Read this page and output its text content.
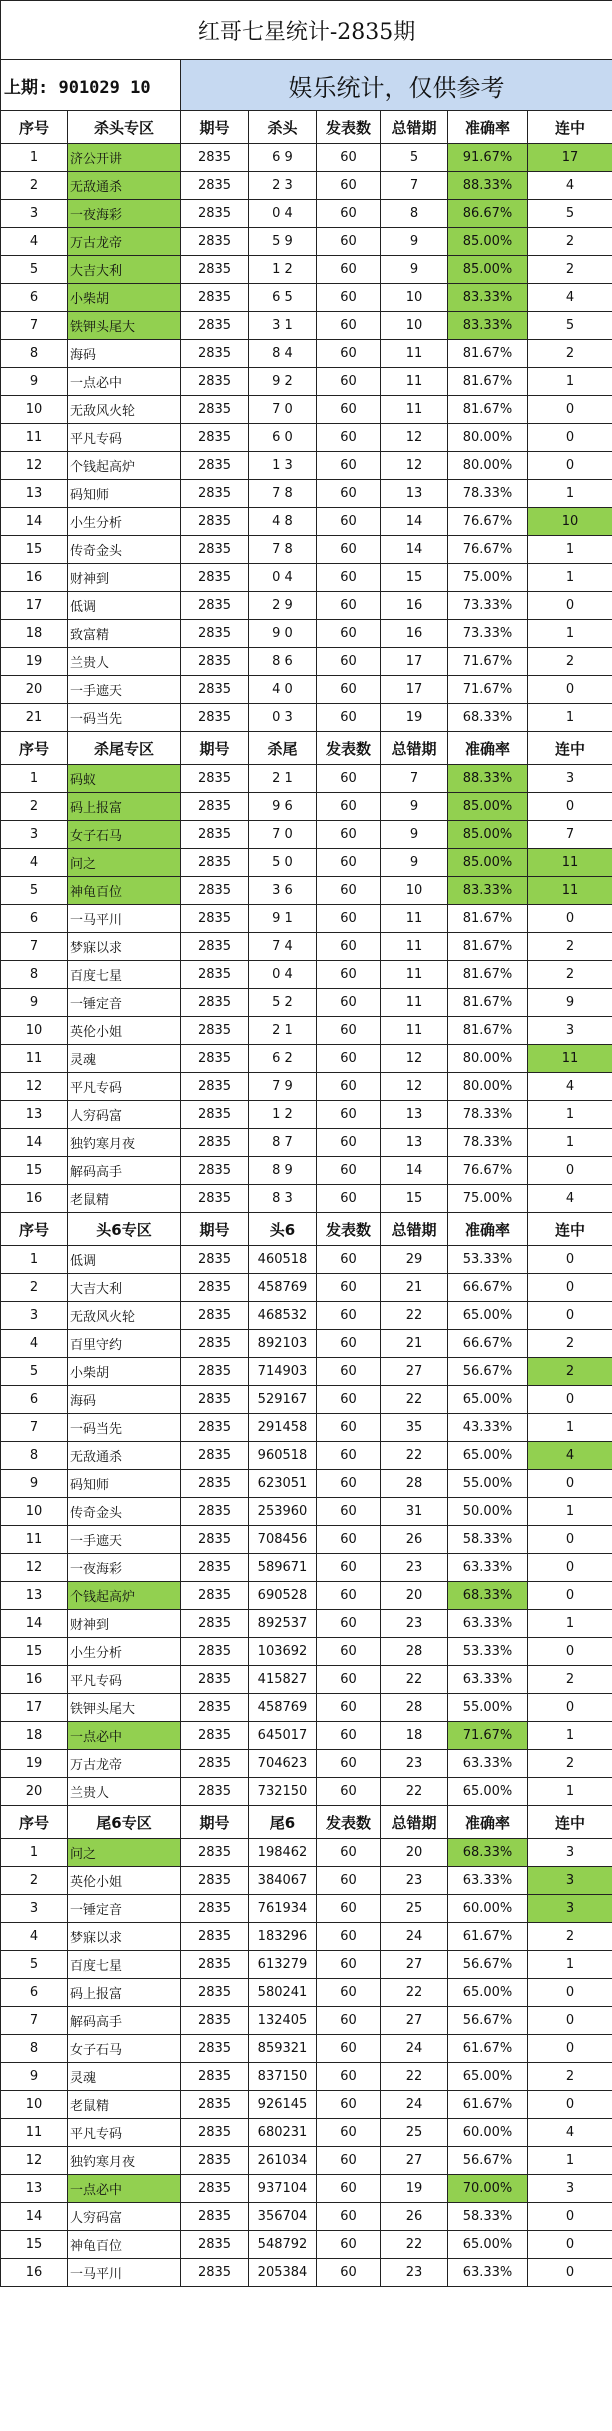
红哥七星统计-2835期							
上期: 901029 10		娱乐统计，仅供参考					
序号	杀头专区	期号	杀头	发表数	总错期	准确率	连中
1	济公开讲	2835	6 9	60	5	91.67%	17
2	无敌通杀	2835	2 3	60	7	88.33%	4
3	一夜海彩	2835	0 4	60	8	86.67%	5
4	万古龙帝	2835	5 9	60	9	85.00%	2
5	大吉大利	2835	1 2	60	9	85.00%	2
6	小柴胡	2835	6 5	60	10	83.33%	4
7	铁钾头尾大	2835	3 1	60	10	83.33%	5
8	海码	2835	8 4	60	11	81.67%	2
9	一点必中	2835	9 2	60	11	81.67%	1
10	无敌风火轮	2835	7 0	60	11	81.67%	0
11	平凡专码	2835	6 0	60	12	80.00%	0
12	个钱起高炉	2835	1 3	60	12	80.00%	0
13	码知师	2835	7 8	60	13	78.33%	1
14	小生分析	2835	4 8	60	14	76.67%	10
15	传奇金头	2835	7 8	60	14	76.67%	1
16	财神到	2835	0 4	60	15	75.00%	1
17	低调	2835	2 9	60	16	73.33%	0
18	致富精	2835	9 0	60	16	73.33%	1
19	兰贵人	2835	8 6	60	17	71.67%	2
20	一手遮天	2835	4 0	60	17	71.67%	0
21	一码当先	2835	0 3	60	19	68.33%	1
序号	杀尾专区	期号	杀尾	发表数	总错期	准确率	连中
1	码蚁	2835	2 1	60	7	88.33%	3
2	码上报富	2835	9 6	60	9	85.00%	0
3	女子石马	2835	7 0	60	9	85.00%	7
4	问之	2835	5 0	60	9	85.00%	11
5	神龟百位	2835	3 6	60	10	83.33%	11
6	一马平川	2835	9 1	60	11	81.67%	0
7	梦寐以求	2835	7 4	60	11	81.67%	2
8	百度七星	2835	0 4	60	11	81.67%	2
9	一锤定音	2835	5 2	60	11	81.67%	9
10	英伦小姐	2835	2 1	60	11	81.67%	3
11	灵魂	2835	6 2	60	12	80.00%	11
12	平凡专码	2835	7 9	60	12	80.00%	4
13	人穷码富	2835	1 2	60	13	78.33%	1
14	独钓寒月夜	2835	8 7	60	13	78.33%	1
15	解码高手	2835	8 9	60	14	76.67%	0
16	老鼠精	2835	8 3	60	15	75.00%	4
序号	头6专区	期号	头6	发表数	总错期	准确率	连中
1	低调	2835	460518	60	29	53.33%	0
2	大吉大利	2835	458769	60	21	66.67%	0
3	无敌风火轮	2835	468532	60	22	65.00%	0
4	百里守约	2835	892103	60	21	66.67%	2
5	小柴胡	2835	714903	60	27	56.67%	2
6	海码	2835	529167	60	22	65.00%	0
7	一码当先	2835	291458	60	35	43.33%	1
8	无敌通杀	2835	960518	60	22	65.00%	4
9	码知师	2835	623051	60	28	55.00%	0
10	传奇金头	2835	253960	60	31	50.00%	1
11	一手遮天	2835	708456	60	26	58.33%	0
12	一夜海彩	2835	589671	60	23	63.33%	0
13	个钱起高炉	2835	690528	60	20	68.33%	0
14	财神到	2835	892537	60	23	63.33%	1
15	小生分析	2835	103692	60	28	53.33%	0
16	平凡专码	2835	415827	60	22	63.33%	2
17	铁钾头尾大	2835	458769	60	28	55.00%	0
18	一点必中	2835	645017	60	18	71.67%	1
19	万古龙帝	2835	704623	60	23	63.33%	2
20	兰贵人	2835	732150	60	22	65.00%	1
序号	尾6专区	期号	尾6	发表数	总错期	准确率	连中
1	问之	2835	198462	60	20	68.33%	3
2	英伦小姐	2835	384067	60	23	63.33%	3
3	一锤定音	2835	761934	60	25	60.00%	3
4	梦寐以求	2835	183296	60	24	61.67%	2
5	百度七星	2835	613279	60	27	56.67%	1
6	码上报富	2835	580241	60	22	65.00%	0
7	解码高手	2835	132405	60	27	56.67%	0
8	女子石马	2835	859321	60	24	61.67%	0
9	灵魂	2835	837150	60	22	65.00%	2
10	老鼠精	2835	926145	60	24	61.67%	0
11	平凡专码	2835	680231	60	25	60.00%	4
12	独钓寒月夜	2835	261034	60	27	56.67%	1
13	一点必中	2835	937104	60	19	70.00%	3
14	人穷码富	2835	356704	60	26	58.33%	0
15	神龟百位	2835	548792	60	22	65.00%	0
16	一马平川	2835	205384	60	23	63.33%	0
